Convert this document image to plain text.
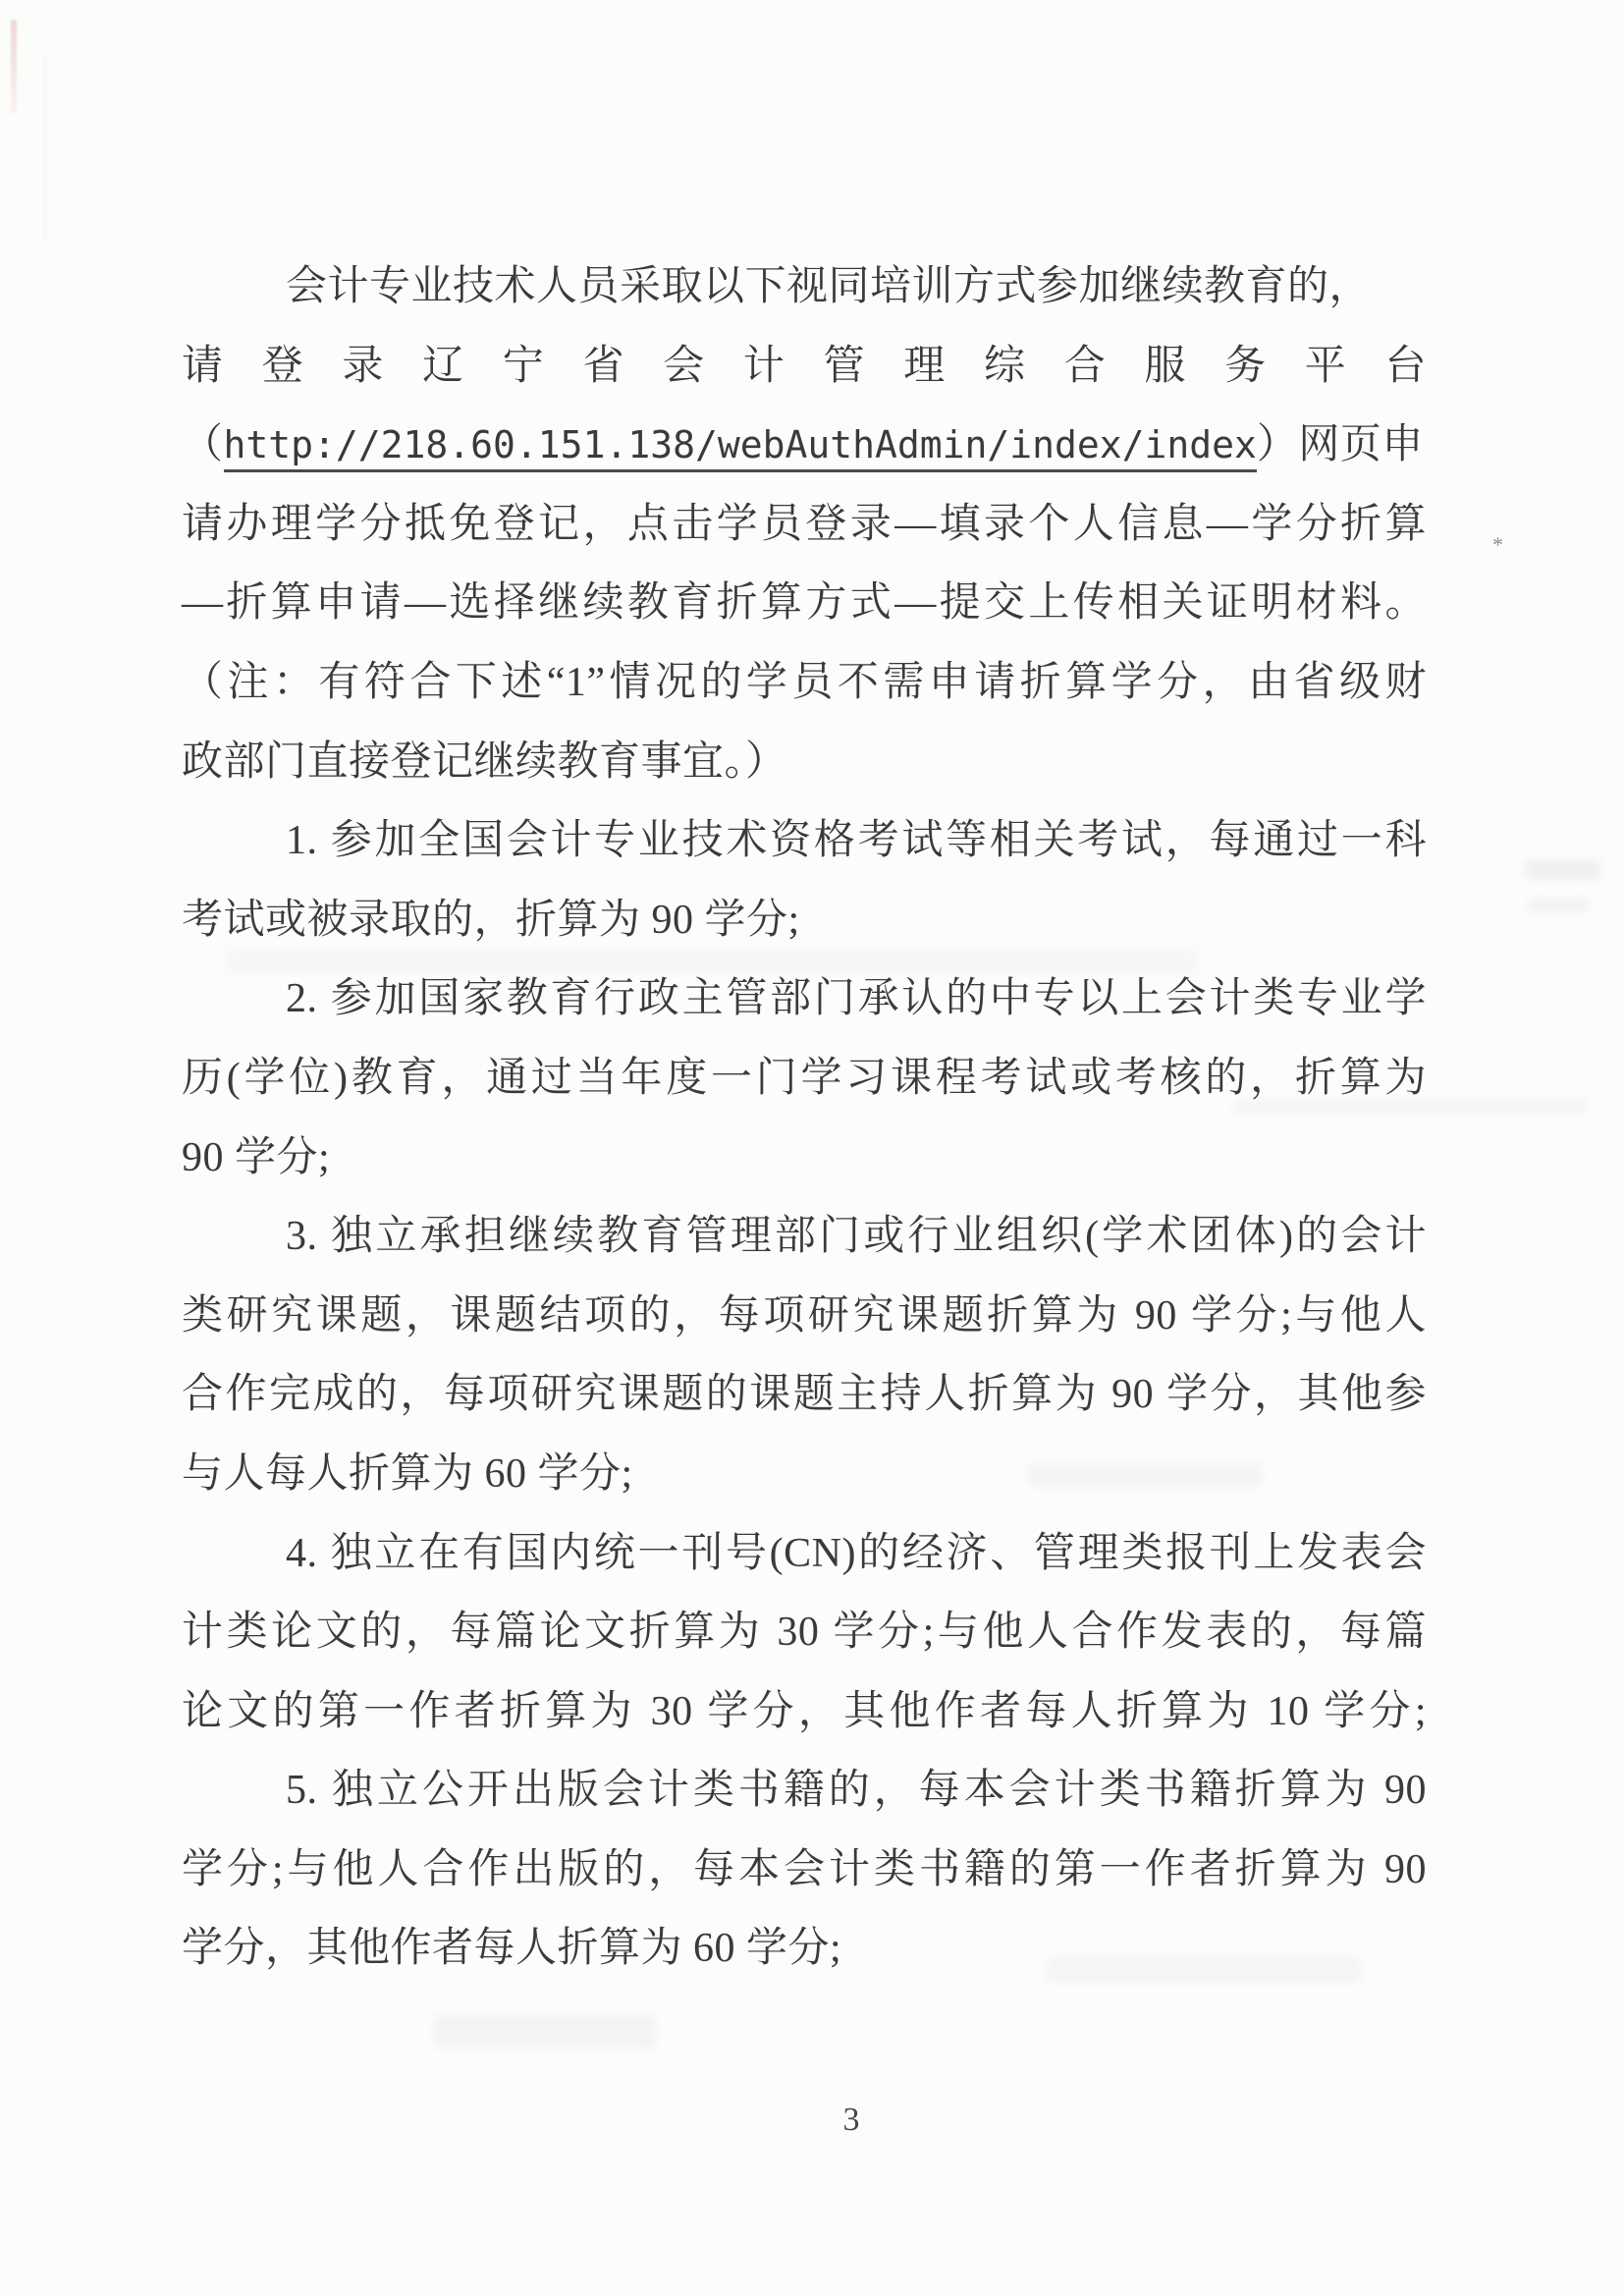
*
会计专业技术人员采取以下视同培训方式参加继续教育的，
请登录辽宁省会计管理综合服务平台
（http://218.60.151.138/webAuthAdmin/index/index）网页申
请办理学分抵免登记，点击学员登录—填录个人信息—学分折算
—折算申请—选择继续教育折算方式—提交上传相关证明材料。
（注：有符合下述“1”情况的学员不需申请折算学分，由省级财
政部门直接登记继续教育事宜。）
1. 参加全国会计专业技术资格考试等相关考试，每通过一科
考试或被录取的，折算为 90 学分;
2. 参加国家教育行政主管部门承认的中专以上会计类专业学
历(学位)教育，通过当年度一门学习课程考试或考核的，折算为
90 学分;
3. 独立承担继续教育管理部门或行业组织(学术团体)的会计
类研究课题，课题结项的，每项研究课题折算为 90 学分;与他人
合作完成的，每项研究课题的课题主持人折算为 90 学分，其他参
与人每人折算为 60 学分;
4. 独立在有国内统一刊号(CN)的经济、管理类报刊上发表会
计类论文的，每篇论文折算为 30 学分;与他人合作发表的，每篇
论文的第一作者折算为 30 学分，其他作者每人折算为 10 学分;
5. 独立公开出版会计类书籍的，每本会计类书籍折算为 90
学分;与他人合作出版的，每本会计类书籍的第一作者折算为 90
学分，其他作者每人折算为 60 学分;
3
